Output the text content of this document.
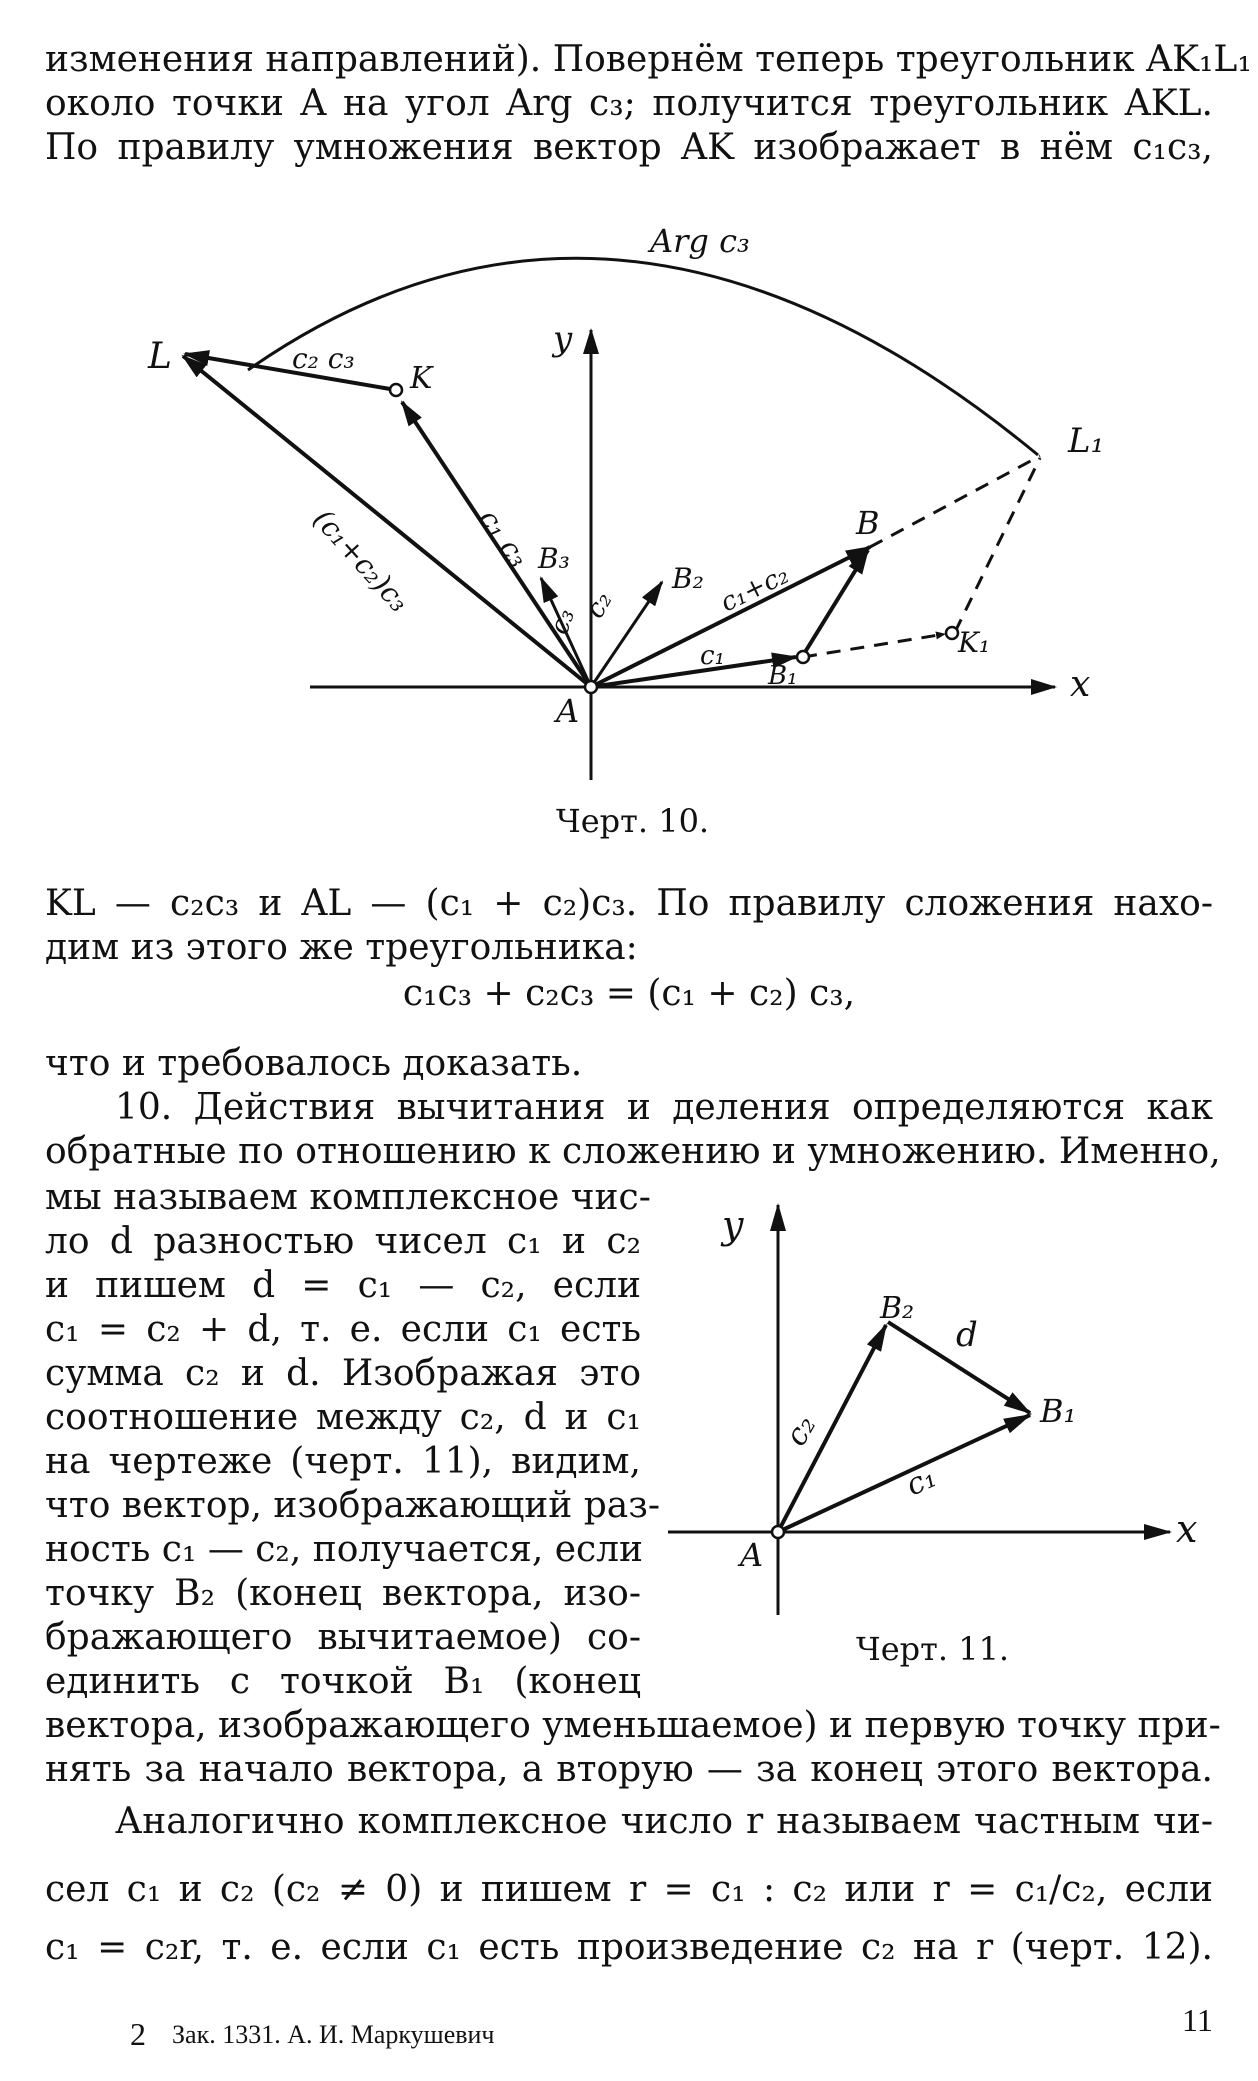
изменения направлений). Повернём теперь треугольник AK₁L₁
около точки A на угол Arg c₃; получится треугольник AKL.
По правилу умножения вектор AK изображает в нём c₁c₃,
Arg c₃
L	c₂ c₃
K
y
L₁
c₁ c₃	B
(c₁+c₂)c₃	B₃
B₂ c₁+c₂
c₂
c₃
K₁
c₁
B₁
A
x
Черт. 10.
KL — c₂c₃ и AL — (c₁ + c₂)c₃. По правилу сложения нахо-
дим из этого же треугольника:
c₁c₃ + c₂c₃ = (c₁ + c₂) c₃,
что и требовалось доказать.
10. Действия вычитания и деления определяются как
обратные по отношению к сложению и умножению. Именно,
мы называем комплексное чис-
ло d разностью чисел c₁ и c₂
и пишем d = c₁ — c₂, если
c₁ = c₂ + d, т. е. если c₁ есть
сумма c₂ и d. Изображая это
соотношение между c₂, d и c₁
на чертеже (черт. 11), видим,
что вектор, изображающий раз-
ность c₁ — c₂, получается, если
точку B₂ (конец вектора, изо-
бражающего вычитаемое) со-
единить с точкой B₁ (конец
y
B₂
d
B₁
c₂
c₁
A
x
Черт. 11.
вектора, изображающего уменьшаемое) и первую точку при-
нять за начало вектора, а вторую — за конец этого вектора.
Аналогично комплексное число r называем частным чи-
сел c₁ и c₂ (c₂ ≠ 0) и пишем r = c₁ : c₂ или r = c₁/c₂, если
c₁ = c₂r, т. е. если c₁ есть произведение c₂ на r (черт. 12).
2 Зак. 1331. А. И. Маркушевич	11
